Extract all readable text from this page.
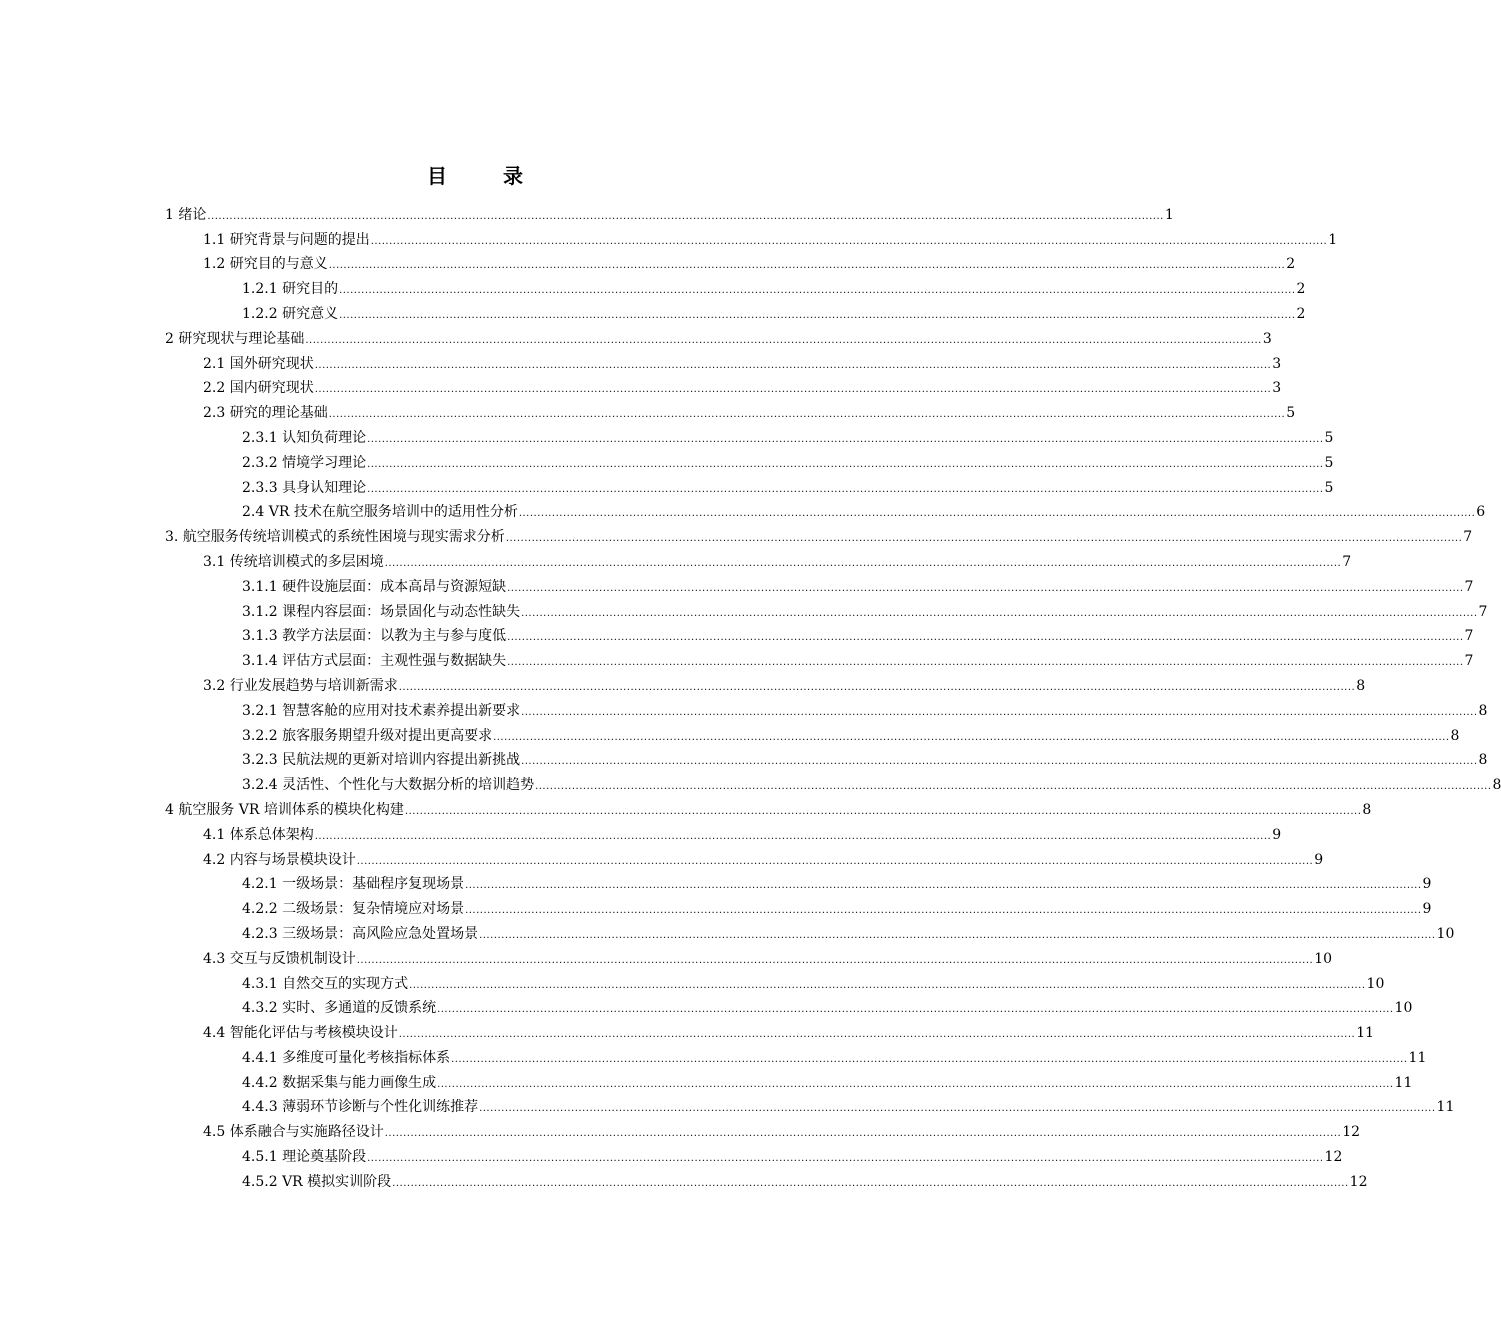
目　录
1 绪论 .................................................................................................................................................................................................................................................................... 1
1.1 研究背景与问题的提出 .................................................................................................................................................................................................................................................................... 1
1.2 研究目的与意义 .................................................................................................................................................................................................................................................................... 2
1.2.1 研究目的 .................................................................................................................................................................................................................................................................... 2
1.2.2 研究意义 .................................................................................................................................................................................................................................................................... 2
2 研究现状与理论基础 .................................................................................................................................................................................................................................................................... 3
2.1 国外研究现状 .................................................................................................................................................................................................................................................................... 3
2.2 国内研究现状 .................................................................................................................................................................................................................................................................... 3
2.3 研究的理论基础 .................................................................................................................................................................................................................................................................... 5
2.3.1 认知负荷理论 .................................................................................................................................................................................................................................................................... 5
2.3.2 情境学习理论 .................................................................................................................................................................................................................................................................... 5
2.3.3 具身认知理论 .................................................................................................................................................................................................................................................................... 5
2.4 VR 技术在航空服务培训中的适用性分析 .................................................................................................................................................................................................................................................................... 6
3. 航空服务传统培训模式的系统性困境与现实需求分析 .................................................................................................................................................................................................................................................................... 7
3.1 传统培训模式的多层困境 .................................................................................................................................................................................................................................................................... 7
3.1.1 硬件设施层面：成本高昂与资源短缺 .................................................................................................................................................................................................................................................................... 7
3.1.2 课程内容层面：场景固化与动态性缺失 .................................................................................................................................................................................................................................................................... 7
3.1.3 教学方法层面：以教为主与参与度低 .................................................................................................................................................................................................................................................................... 7
3.1.4 评估方式层面：主观性强与数据缺失 .................................................................................................................................................................................................................................................................... 7
3.2 行业发展趋势与培训新需求 .................................................................................................................................................................................................................................................................... 8
3.2.1 智慧客舱的应用对技术素养提出新要求 .................................................................................................................................................................................................................................................................... 8
3.2.2 旅客服务期望升级对提出更高要求 .................................................................................................................................................................................................................................................................... 8
3.2.3 民航法规的更新对培训内容提出新挑战 .................................................................................................................................................................................................................................................................... 8
3.2.4 灵活性、个性化与大数据分析的培训趋势 .................................................................................................................................................................................................................................................................... 8
4 航空服务 VR 培训体系的模块化构建 .................................................................................................................................................................................................................................................................... 8
4.1 体系总体架构 .................................................................................................................................................................................................................................................................... 9
4.2 内容与场景模块设计 .................................................................................................................................................................................................................................................................... 9
4.2.1 一级场景：基础程序复现场景 .................................................................................................................................................................................................................................................................... 9
4.2.2 二级场景：复杂情境应对场景 .................................................................................................................................................................................................................................................................... 9
4.2.3 三级场景：高风险应急处置场景 .................................................................................................................................................................................................................................................................... 10
4.3 交互与反馈机制设计 .................................................................................................................................................................................................................................................................... 10
4.3.1 自然交互的实现方式 .................................................................................................................................................................................................................................................................... 10
4.3.2 实时、多通道的反馈系统 .................................................................................................................................................................................................................................................................... 10
4.4 智能化评估与考核模块设计 .................................................................................................................................................................................................................................................................... 11
4.4.1 多维度可量化考核指标体系 .................................................................................................................................................................................................................................................................... 11
4.4.2 数据采集与能力画像生成 .................................................................................................................................................................................................................................................................... 11
4.4.3 薄弱环节诊断与个性化训练推荐 .................................................................................................................................................................................................................................................................... 11
4.5 体系融合与实施路径设计 .................................................................................................................................................................................................................................................................... 12
4.5.1 理论奠基阶段 .................................................................................................................................................................................................................................................................... 12
4.5.2 VR 模拟实训阶段 .................................................................................................................................................................................................................................................................... 12
